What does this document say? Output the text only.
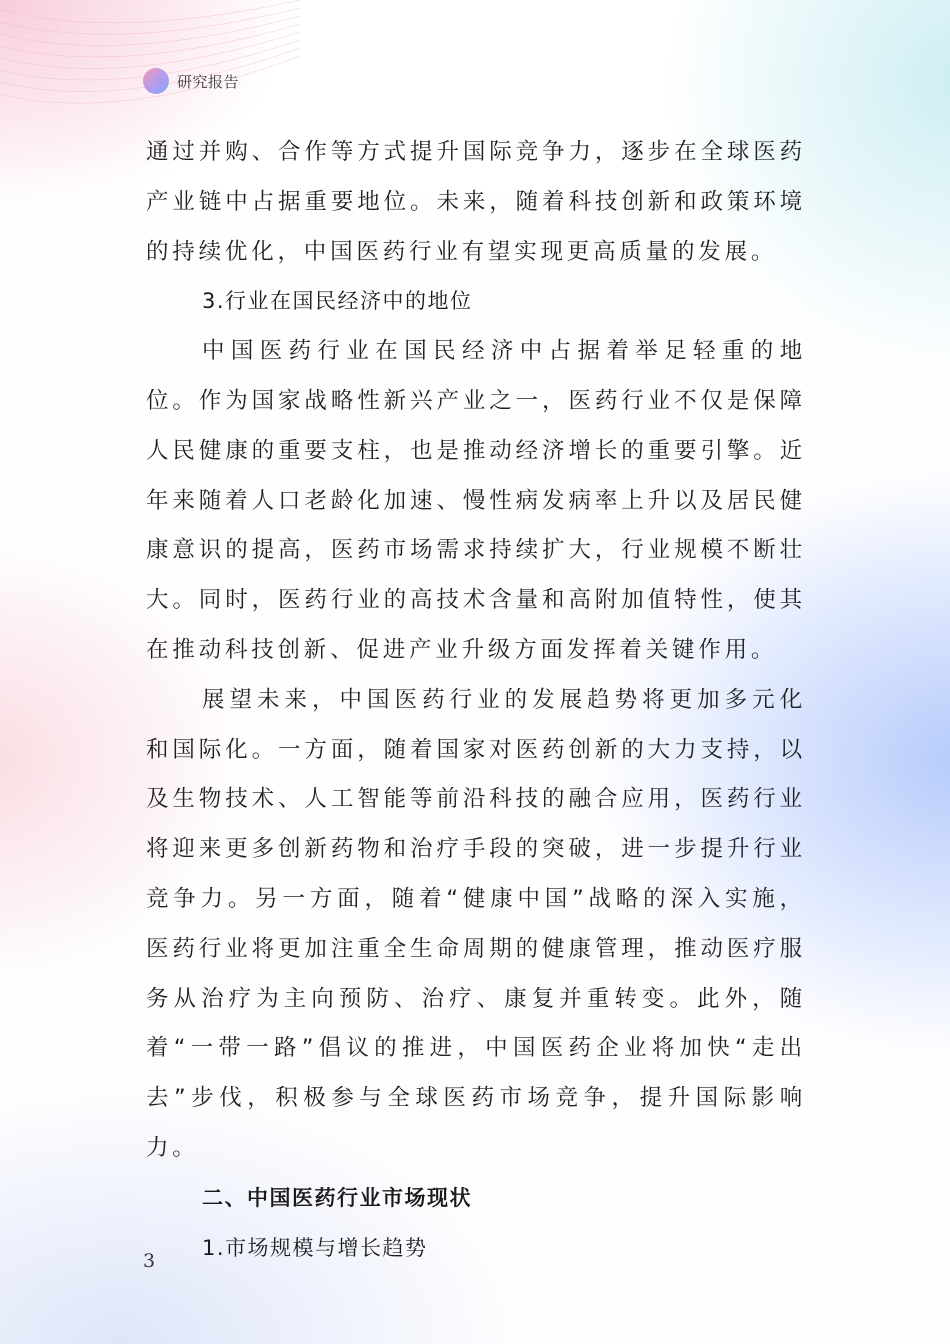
研究报告

通过并购、合作等方式提升国际竞争力，逐步在全球医药产业链中占据重要地位。未来，随着科技创新和政策环境的持续优化，中国医药行业有望实现更高质量的发展。

3.行业在国民经济中的地位

中国医药行业在国民经济中占据着举足轻重的地位。作为国家战略性新兴产业之一，医药行业不仅是保障人民健康的重要支柱，也是推动经济增长的重要引擎。近年来随着人口老龄化加速、慢性病发病率上升以及居民健康意识的提高，医药市场需求持续扩大，行业规模不断壮大。同时，医药行业的高技术含量和高附加值特性，使其在推动科技创新、促进产业升级方面发挥着关键作用。

展望未来，中国医药行业的发展趋势将更加多元化和国际化。一方面，随着国家对医药创新的大力支持，以及生物技术、人工智能等前沿科技的融合应用，医药行业将迎来更多创新药物和治疗手段的突破，进一步提升行业竞争力。另一方面，随着“健康中国”战略的深入实施，医药行业将更加注重全生命周期的健康管理，推动医疗服务从治疗为主向预防、治疗、康复并重转变。此外，随着“一带一路”倡议的推进，中国医药企业将加快“走出去”步伐，积极参与全球医药市场竞争，提升国际影响力。

二、中国医药行业市场现状

1.市场规模与增长趋势

3
